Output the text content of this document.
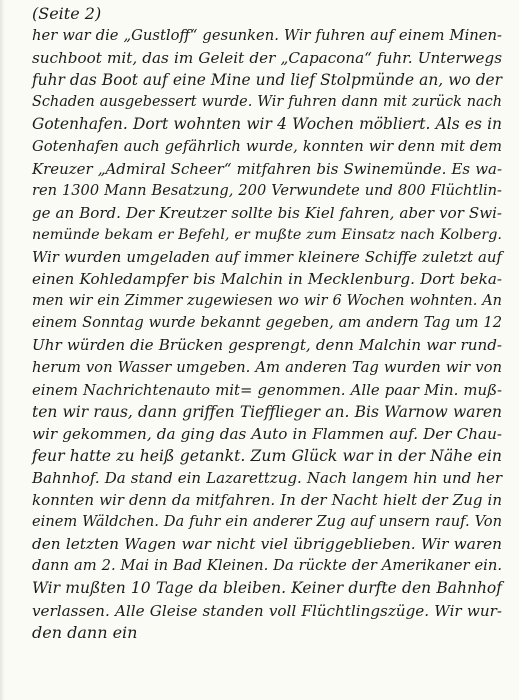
(Seite 2)
her war die „Gustloff“ gesunken. Wir fuhren auf einem Minen-
suchboot mit, das im Geleit der „Capacona“ fuhr. Unterwegs
fuhr das Boot auf eine Mine und lief Stolpmünde an, wo der
Schaden ausgebessert wurde. Wir fuhren dann mit zurück nach
Gotenhafen. Dort wohnten wir 4 Wochen möbliert. Als es in
Gotenhafen auch gefährlich wurde, konnten wir denn mit dem
Kreuzer „Admiral Scheer“ mitfahren bis Swinemünde. Es wa-
ren 1300 Mann Besatzung, 200 Verwundete und 800 Flüchtlin-
ge an Bord. Der Kreutzer sollte bis Kiel fahren, aber vor Swi-
nemünde bekam er Befehl, er mußte zum Einsatz nach Kolberg.
Wir wurden umgeladen auf immer kleinere Schiffe zuletzt auf
einen Kohledampfer bis Malchin in Mecklenburg. Dort beka-
men wir ein Zimmer zugewiesen wo wir 6 Wochen wohnten. An
einem Sonntag wurde bekannt gegeben, am andern Tag um 12
Uhr würden die Brücken gesprengt, denn Malchin war rund-
herum von Wasser umgeben. Am anderen Tag wurden wir von
einem Nachrichtenauto mit= genommen. Alle paar Min. muß-
ten wir raus, dann griffen Tiefflieger an. Bis Warnow waren
wir gekommen, da ging das Auto in Flammen auf. Der Chau-
feur hatte zu heiß getankt. Zum Glück war in der Nähe ein
Bahnhof. Da stand ein Lazarettzug. Nach langem hin und her
konnten wir denn da mitfahren. In der Nacht hielt der Zug in
einem Wäldchen. Da fuhr ein anderer Zug auf unsern rauf. Von
den letzten Wagen war nicht viel übriggeblieben. Wir waren
dann am 2. Mai in Bad Kleinen. Da rückte der Amerikaner ein.
Wir mußten 10 Tage da bleiben. Keiner durfte den Bahnhof
verlassen. Alle Gleise standen voll Flüchtlingszüge. Wir wur-
den dann ein
